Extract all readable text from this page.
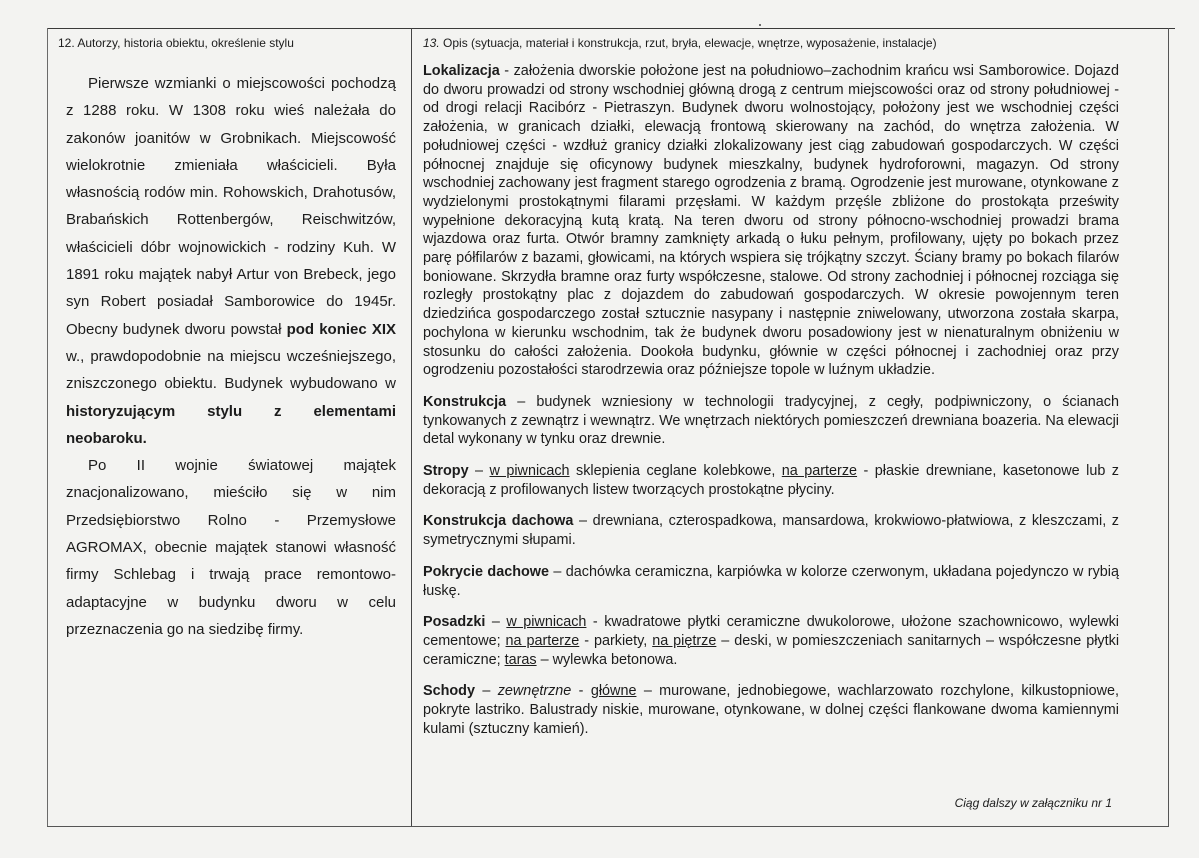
12. Autorzy, historia obiektu, określenie stylu

Pierwsze wzmianki o miejscowości pochodzą z 1288 roku. W 1308 roku wieś należała do zakonów joanitów w Grobnikach. Miejscowość wielokrotnie zmieniała właścicieli. Była własnością rodów min. Rohowskich, Drahotusów, Brabańskich Rottenbergów, Reischwitzów, właścicieli dóbr wojnowickich - rodziny Kuh. W 1891 roku majątek nabył Artur von Brebeck, jego syn Robert posiadał Samborowice do 1945r. Obecny budynek dworu powstał pod koniec XIX w., prawdopodobnie na miejscu wcześniejszego, zniszczonego obiektu. Budynek wybudowano w historyzującym stylu z elementami neobaroku.

Po II wojnie światowej majątek znacjonalizowano, mieściło się w nim Przedsiębiorstwo Rolno - Przemysłowe AGROMAX, obecnie majątek stanowi własność firmy Schlebag i trwają prace remontowo-adaptacyjne w budynku dworu w celu przeznaczenia go na siedzibę firmy.

13. Opis (sytuacja, materiał i konstrukcja, rzut, bryła, elewacje, wnętrze, wyposażenie, instalacje)

Lokalizacja - założenia dworskie położone jest na południowo–zachodnim krańcu wsi Samborowice. Dojazd do dworu prowadzi od strony wschodniej główną drogą z centrum miejscowości oraz od strony południowej - od drogi relacji Racibórz - Pietraszyn. Budynek dworu wolnostojący, położony jest we wschodniej części założenia, w granicach działki, elewacją frontową skierowany na zachód, do wnętrza założenia. W południowej części - wzdłuż granicy działki zlokalizowany jest ciąg zabudowań gospodarczych. W części północnej znajduje się oficynowy budynek mieszkalny, budynek hydroforowni, magazyn. Od strony wschodniej zachowany jest fragment starego ogrodzenia z bramą. Ogrodzenie jest murowane, otynkowane z wydzielonymi prostokątnymi filarami przęsłami. W każdym przęśle zbliżone do prostokąta prześwity wypełnione dekoracyjną kutą kratą. Na teren dworu od strony północno-wschodniej prowadzi brama wjazdowa oraz furta. Otwór bramny zamknięty arkadą o łuku pełnym, profilowany, ujęty po bokach przez parę półfilarów z bazami, głowicami, na których wspiera się trójkątny szczyt. Ściany bramy po bokach filarów boniowane. Skrzydła bramne oraz furty współczesne, stalowe. Od strony zachodniej i północnej rozciąga się rozległy prostokątny plac z dojazdem do zabudowań gospodarczych. W okresie powojennym teren dziedzińca gospodarczego został sztucznie nasypany i następnie zniwelowany, utworzona została skarpa, pochylona w kierunku wschodnim, tak że budynek dworu posadowiony jest w nienaturalnym obniżeniu w stosunku do całości założenia. Dookoła budynku, głównie w części północnej i zachodniej oraz przy ogrodzeniu pozostałości starodrzewia oraz późniejsze topole w luźnym układzie.

Konstrukcja – budynek wzniesiony w technologii tradycyjnej, z cegły, podpiwniczony, o ścianach tynkowanych z zewnątrz i wewnątrz. We wnętrzach niektórych pomieszczeń drewniana boazeria. Na elewacji detal wykonany w tynku oraz drewnie.

Stropy – w piwnicach sklepienia ceglane kolebkowe, na parterze - płaskie drewniane, kasetonowe lub z dekoracją z profilowanych listew tworzących prostokątne płyciny.

Konstrukcja dachowa – drewniana, czterospadkowa, mansardowa, krokwiowo-płatwiowa, z kleszczami, z symetrycznymi słupami.

Pokrycie dachowe – dachówka ceramiczna, karpiówka w kolorze czerwonym, układana pojedynczo w rybią łuskę.

Posadzki – w piwnicach - kwadratowe płytki ceramiczne dwukolorowe, ułożone szachownicowo, wylewki cementowe; na parterze - parkiety, na piętrze – deski, w pomieszczeniach sanitarnych – współczesne płytki ceramiczne; taras – wylewka betonowa.

Schody – zewnętrzne - główne – murowane, jednobiegowe, wachlarzowato rozchylone, kilkustopniowe, pokryte lastriko. Balustrady niskie, murowane, otynkowane, w dolnej części flankowane dwoma kamiennymi kulami (sztuczny kamień).

Ciąg dalszy w załączniku nr 1
